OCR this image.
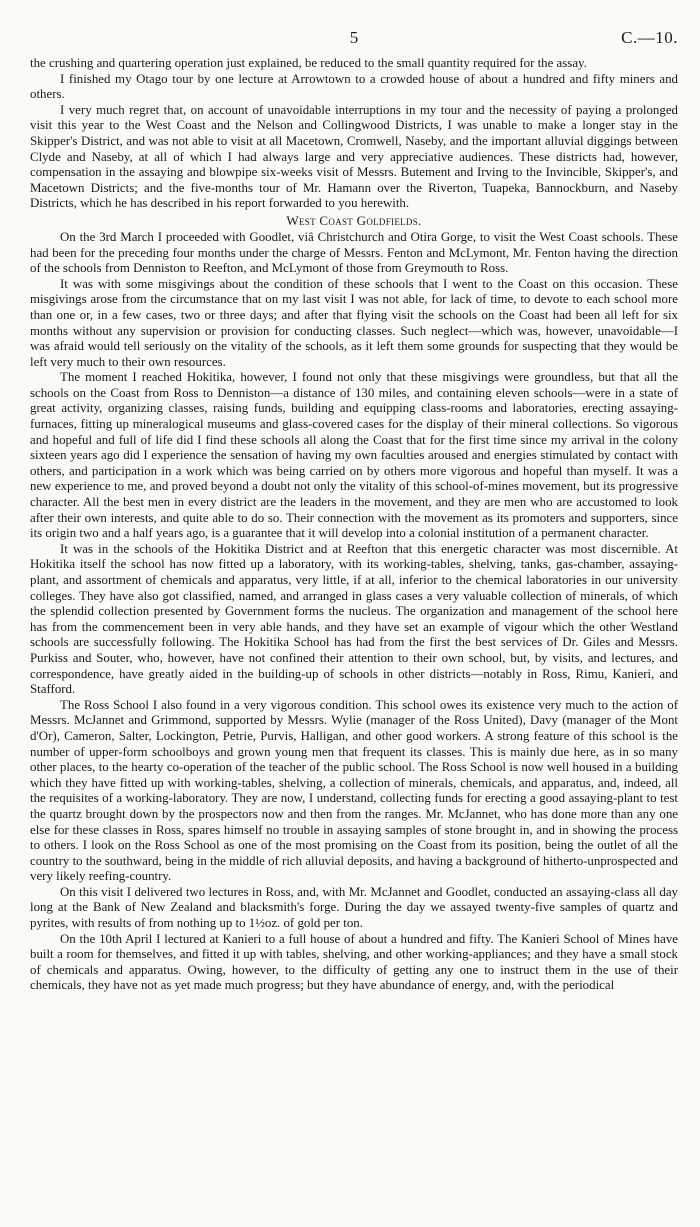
5	C.—10.

the crushing and quartering operation just explained, be reduced to the small quantity required for the assay.

I finished my Otago tour by one lecture at Arrowtown to a crowded house of about a hundred and fifty miners and others.

I very much regret that, on account of unavoidable interruptions in my tour and the necessity of paying a prolonged visit this year to the West Coast and the Nelson and Collingwood Districts, I was unable to make a longer stay in the Skipper's District, and was not able to visit at all Macetown, Cromwell, Naseby, and the important alluvial diggings between Clyde and Naseby, at all of which I had always large and very appreciative audiences. These districts had, however, compensation in the assaying and blowpipe six-weeks visit of Messrs. Butement and Irving to the Invincible, Skipper's, and Macetown Districts; and the five-months tour of Mr. Hamann over the Riverton, Tuapeka, Bannockburn, and Naseby Districts, which he has described in his report forwarded to you herewith.

West Coast Goldfields.

On the 3rd March I proceeded with Goodlet, viâ Christchurch and Otira Gorge, to visit the West Coast schools. These had been for the preceding four months under the charge of Messrs. Fenton and McLymont, Mr. Fenton having the direction of the schools from Denniston to Reefton, and McLymont of those from Greymouth to Ross.

It was with some misgivings about the condition of these schools that I went to the Coast on this occasion. These misgivings arose from the circumstance that on my last visit I was not able, for lack of time, to devote to each school more than one or, in a few cases, two or three days; and after that flying visit the schools on the Coast had been all left for six months without any supervision or provision for conducting classes. Such neglect—which was, however, unavoidable—I was afraid would tell seriously on the vitality of the schools, as it left them some grounds for suspecting that they would be left very much to their own resources.

The moment I reached Hokitika, however, I found not only that these misgivings were groundless, but that all the schools on the Coast from Ross to Denniston—a distance of 130 miles, and containing eleven schools—were in a state of great activity, organizing classes, raising funds, building and equipping class-rooms and laboratories, erecting assaying-furnaces, fitting up mineralogical museums and glass-covered cases for the display of their mineral collections. So vigorous and hopeful and full of life did I find these schools all along the Coast that for the first time since my arrival in the colony sixteen years ago did I experience the sensation of having my own faculties aroused and energies stimulated by contact with others, and participation in a work which was being carried on by others more vigorous and hopeful than myself. It was a new experience to me, and proved beyond a doubt not only the vitality of this school-of-mines movement, but its progressive character. All the best men in every district are the leaders in the movement, and they are men who are accustomed to look after their own interests, and quite able to do so. Their connection with the movement as its promoters and supporters, since its origin two and a half years ago, is a guarantee that it will develop into a colonial institution of a permanent character.

It was in the schools of the Hokitika District and at Reefton that this energetic character was most discernible. At Hokitika itself the school has now fitted up a laboratory, with its working-tables, shelving, tanks, gas-chamber, assaying-plant, and assortment of chemicals and apparatus, very little, if at all, inferior to the chemical laboratories in our university colleges. They have also got classified, named, and arranged in glass cases a very valuable collection of minerals, of which the splendid collection presented by Government forms the nucleus. The organization and management of the school here has from the commencement been in very able hands, and they have set an example of vigour which the other Westland schools are successfully following. The Hokitika School has had from the first the best services of Dr. Giles and Messrs. Purkiss and Souter, who, however, have not confined their attention to their own school, but, by visits, and lectures, and correspondence, have greatly aided in the building-up of schools in other districts—notably in Ross, Rimu, Kanieri, and Stafford.

The Ross School I also found in a very vigorous condition. This school owes its existence very much to the action of Messrs. McJannet and Grimmond, supported by Messrs. Wylie (manager of the Ross United), Davy (manager of the Mont d'Or), Cameron, Salter, Lockington, Petrie, Purvis, Halligan, and other good workers. A strong feature of this school is the number of upper-form schoolboys and grown young men that frequent its classes. This is mainly due here, as in so many other places, to the hearty co-operation of the teacher of the public school. The Ross School is now well housed in a building which they have fitted up with working-tables, shelving, a collection of minerals, chemicals, and apparatus, and, indeed, all the requisites of a working-laboratory. They are now, I understand, collecting funds for erecting a good assaying-plant to test the quartz brought down by the prospectors now and then from the ranges. Mr. McJannet, who has done more than any one else for these classes in Ross, spares himself no trouble in assaying samples of stone brought in, and in showing the process to others. I look on the Ross School as one of the most promising on the Coast from its position, being the outlet of all the country to the southward, being in the middle of rich alluvial deposits, and having a background of hitherto-unprospected and very likely reefing-country.

On this visit I delivered two lectures in Ross, and, with Mr. McJannet and Goodlet, conducted an assaying-class all day long at the Bank of New Zealand and blacksmith's forge. During the day we assayed twenty-five samples of quartz and pyrites, with results of from nothing up to 1½oz. of gold per ton.

On the 10th April I lectured at Kanieri to a full house of about a hundred and fifty. The Kanieri School of Mines have built a room for themselves, and fitted it up with tables, shelving, and other working-appliances; and they have a small stock of chemicals and apparatus. Owing, however, to the difficulty of getting any one to instruct them in the use of their chemicals, they have not as yet made much progress; but they have abundance of energy, and, with the periodical
